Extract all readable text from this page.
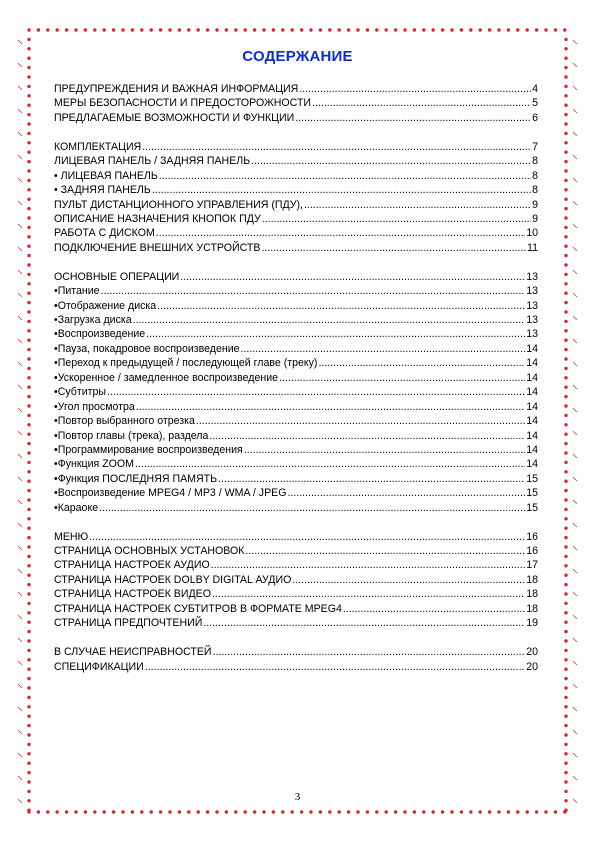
СОДЕРЖАНИЕ
ПРЕДУПРЕЖДЕНИЯ И ВАЖНАЯ ИНФОРМАЦИЯ .....	4
МЕРЫ БЕЗОПАСНОСТИ И ПРЕДОСТОРОЖНОСТИ .....	5
ПРЕДЛАГАЕМЫЕ ВОЗМОЖНОСТИ И ФУНКЦИИ .....	6
КОМПЛЕКТАЦИЯ .....	7
ЛИЦЕВАЯ ПАНЕЛЬ / ЗАДНЯЯ ПАНЕЛЬ .....	8
• ЛИЦЕВАЯ ПАНЕЛЬ .....	8
• ЗАДНЯЯ ПАНЕЛЬ .....	8
ПУЛЬТ ДИСТАНЦИОННОГО УПРАВЛЕНИЯ (ПДУ), .....	9
ОПИСАНИЕ НАЗНАЧЕНИЯ КНОПОК ПДУ .....	9
РАБОТА С ДИСКОМ .....	10
ПОДКЛЮЧЕНИЕ ВНЕШНИХ УСТРОЙСТВ .....	11
ОСНОВНЫЕ ОПЕРАЦИИ .....	13
•Питание .....	13
•Отображение диска .....	13
•Загрузка диска .....	13
•Воспроизведение .....	13
•Пауза, покадровое воспроизведение .....	14
•Переход к предыдущей / последующей главе (треку) .....	14
•Ускоренное / замедленное воспроизведение .....	14
•Субтитры .....	14
•Угол просмотра .....	14
•Повтор выбранного отрезка .....	14
•Повтор главы (трека), раздела .....	14
•Программирование воспроизведения .....	14
•Функция ZOOM .....	14
•Функция ПОСЛЕДНЯЯ ПАМЯТЬ .....	15
•Воспроизведение MPEG4 / MP3 / WMA / JPEG .....	15
•Караоке .....	15
МЕНЮ .....	16
СТРАНИЦА ОСНОВНЫХ УСТАНОВОК .....	16
СТРАНИЦА НАСТРОЕК АУДИО .....	17
СТРАНИЦА НАСТРОЕК DOLBY DIGITAL АУДИО .....	18
СТРАНИЦА НАСТРОЕК ВИДЕО .....	18
СТРАНИЦА НАСТРОЕК СУБТИТРОВ В ФОРМАТЕ MPEG4 .....	18
СТРАНИЦА ПРЕДПОЧТЕНИЙ .....	19
В СЛУЧАЕ НЕИСПРАВНОСТЕЙ .....	20
СПЕЦИФИКАЦИИ .....	20
3
